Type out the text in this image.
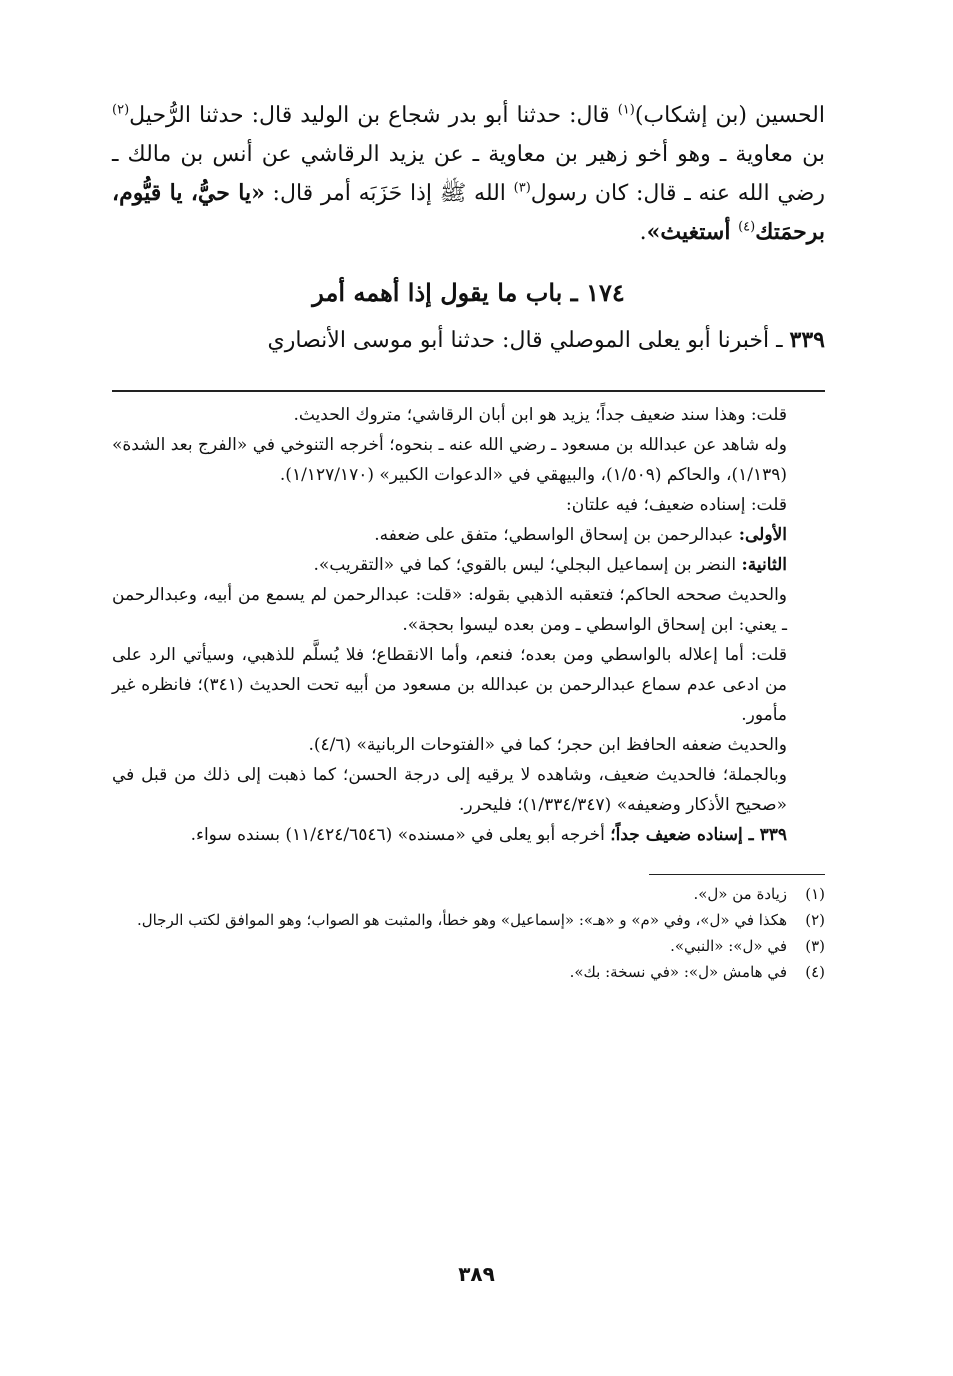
الحسين (بن إشكاب)$^{(١)}$ قال: حدثنا أبو بدر شجاع بن الوليد قال: حدثنا الرُّحيل$^{(٢)}$ بن معاوية ـ وهو أخو زهير بن معاوية ـ عن يزيد الرقاشي عن أنس بن مالك ـ رضي الله عنه ـ قال: كان رسول$^{(٣)}$ الله ﷺ إذا حَزَبَه أمر قال: «يا حيُّ، يا قيُّوم، برحمَتك$^{(٤)}$ أستغيث».

١٧٤ ـ باب ما يقول إذا أهمه أمر

٣٣٩ ـ أخبرنا أبو يعلى الموصلي قال: حدثنا أبو موسى الأنصاري

قلت: وهذا سند ضعيف جداً؛ يزيد هو ابن أبان الرقاشي؛ متروك الحديث.

وله شاهد عن عبدالله بن مسعود ـ رضي الله عنه ـ بنحوه؛ أخرجه التنوخي في «الفرج بعد الشدة» (١/١٣٩)، والحاكم (١/٥٠٩)، والبيهقي في «الدعوات الكبير» (١/١٢٧/١٧٠).

قلت: إسناده ضعيف؛ فيه علتان:

الأولى: عبدالرحمن بن إسحاق الواسطي؛ متفق على ضعفه.

الثانية: النضر بن إسماعيل البجلي؛ ليس بالقوي؛ كما في «التقريب».

والحديث صححه الحاكم؛ فتعقبه الذهبي بقوله: «قلت: عبدالرحمن لم يسمع من أبيه، وعبدالرحمن ـ يعني: ابن إسحاق الواسطي ـ ومن بعده ليسوا بحجة».

قلت: أما إعلاله بالواسطي ومن بعده؛ فنعم، وأما الانقطاع؛ فلا يُسلَّم للذهبي، وسيأتي الرد على من ادعى عدم سماع عبدالرحمن بن عبدالله بن مسعود من أبيه تحت الحديث (٣٤١)؛ فانظره غير مأمور.

والحديث ضعفه الحافظ ابن حجر؛ كما في «الفتوحات الربانية» (٤/٦).

وبالجملة؛ فالحديث ضعيف، وشاهده لا يرقيه إلى درجة الحسن؛ كما ذهبت إلى ذلك من قبل في «صحيح الأذكار وضعيفه» (١/٣٣٤/٣٤٧)؛ فليحرر.

٣٣٩ ـ إسناده ضعيف جداً؛ أخرجه أبو يعلى في «مسنده» (١١/٤٢٤/٦٥٤٦) بسنده سواء.

(١)
زيادة من «ل».
(٢)
هكذا في «ل»، وفي «م» و «هـ»: «إسماعيل» وهو خطأ، والمثبت هو الصواب؛ وهو الموافق لكتب الرجال.
(٣)
في «ل»: «النبي».
(٤)
في هامش «ل»: «في نسخة: بك».
٣٨٩
